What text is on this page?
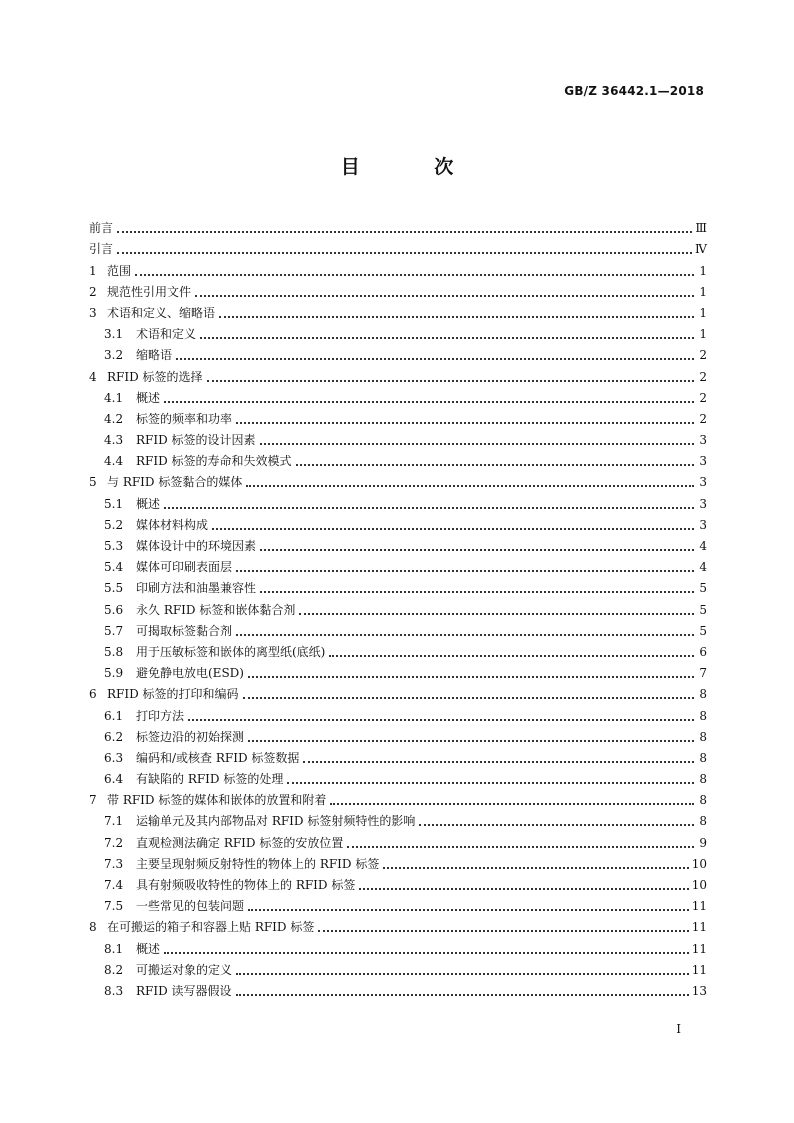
GB/Z 36442.1—2018
目 次
前言	Ⅲ
引言	Ⅳ
1 范围	1
2 规范性引用文件	1
3 术语和定义、缩略语	1
3.1	术语和定义	1
3.2	缩略语	2
4 RFID 标签的选择	2
4.1	概述	2
4.2	标签的频率和功率	2
4.3	RFID 标签的设计因素	3
4.4	RFID 标签的寿命和失效模式	3
5 与 RFID 标签黏合的媒体	3
5.1	概述	3
5.2	媒体材料构成	3
5.3	媒体设计中的环境因素	4
5.4	媒体可印刷表面层	4
5.5	印刷方法和油墨兼容性	5
5.6	永久 RFID 标签和嵌体黏合剂	5
5.7	可揭取标签黏合剂	5
5.8	用于压敏标签和嵌体的离型纸(底纸)	6
5.9	避免静电放电(ESD)	7
6 RFID 标签的打印和编码	8
6.1	打印方法	8
6.2	标签边沿的初始探测	8
6.3	编码和/或核查 RFID 标签数据	8
6.4	有缺陷的 RFID 标签的处理	8
7 带 RFID 标签的媒体和嵌体的放置和附着	8
7.1	运输单元及其内部物品对 RFID 标签射频特性的影响	8
7.2	直观检测法确定 RFID 标签的安放位置	9
7.3	主要呈现射频反射特性的物体上的 RFID 标签	10
7.4	具有射频吸收特性的物体上的 RFID 标签	10
7.5	一些常见的包装问题	11
8 在可搬运的箱子和容器上贴 RFID 标签	11
8.1	概述	11
8.2	可搬运对象的定义	11
8.3	RFID 读写器假设	13
Ⅰ
